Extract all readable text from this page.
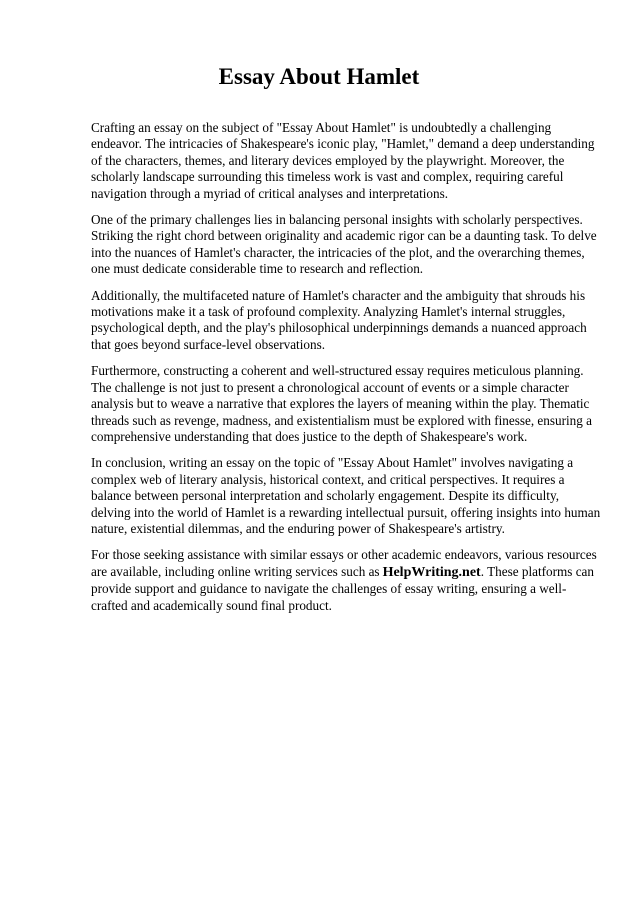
Essay About Hamlet

Crafting an essay on the subject of "Essay About Hamlet" is undoubtedly a challenging endeavor. The intricacies of Shakespeare's iconic play, "Hamlet," demand a deep understanding of the characters, themes, and literary devices employed by the playwright. Moreover, the scholarly landscape surrounding this timeless work is vast and complex, requiring careful navigation through a myriad of critical analyses and interpretations.

One of the primary challenges lies in balancing personal insights with scholarly perspectives. Striking the right chord between originality and academic rigor can be a daunting task. To delve into the nuances of Hamlet's character, the intricacies of the plot, and the overarching themes, one must dedicate considerable time to research and reflection.

Additionally, the multifaceted nature of Hamlet's character and the ambiguity that shrouds his motivations make it a task of profound complexity. Analyzing Hamlet's internal struggles, psychological depth, and the play's philosophical underpinnings demands a nuanced approach that goes beyond surface-level observations.

Furthermore, constructing a coherent and well-structured essay requires meticulous planning. The challenge is not just to present a chronological account of events or a simple character analysis but to weave a narrative that explores the layers of meaning within the play. Thematic threads such as revenge, madness, and existentialism must be explored with finesse, ensuring a comprehensive understanding that does justice to the depth of Shakespeare's work.

In conclusion, writing an essay on the topic of "Essay About Hamlet" involves navigating a complex web of literary analysis, historical context, and critical perspectives. It requires a balance between personal interpretation and scholarly engagement. Despite its difficulty, delving into the world of Hamlet is a rewarding intellectual pursuit, offering insights into human nature, existential dilemmas, and the enduring power of Shakespeare's artistry.

For those seeking assistance with similar essays or other academic endeavors, various resources are available, including online writing services such as HelpWriting.net. These platforms can provide support and guidance to navigate the challenges of essay writing, ensuring a well-crafted and academically sound final product.
